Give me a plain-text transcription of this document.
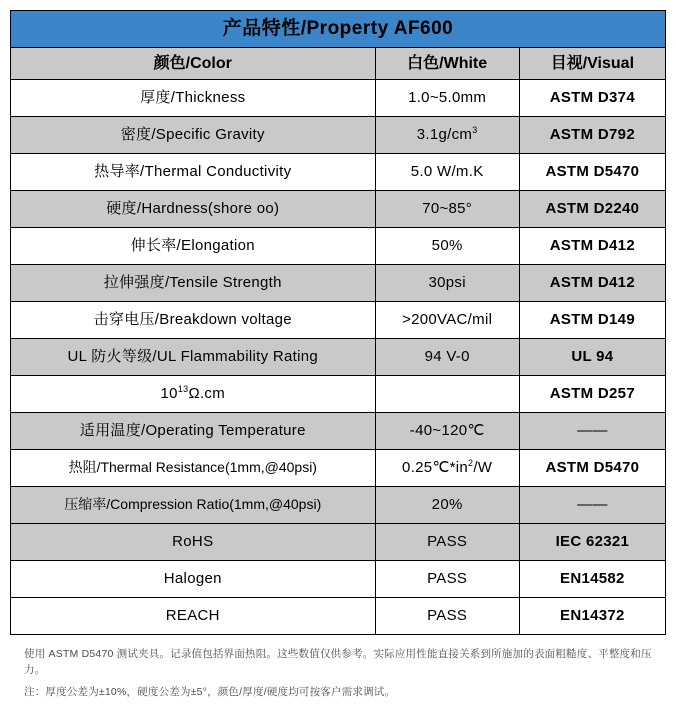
产品特性/Property AF600		
颜色/Color	白色/White	目视/Visual
厚度/Thickness	1.0~5.0mm	ASTM D374
密度/Specific Gravity	$3.1g/cm^3$	ASTM D792
热导率/Thermal Conductivity	5.0 W/m.K	ASTM D5470
硬度/Hardness(shore oo)	70~85°	ASTM D2240
伸长率/Elongation	50%	ASTM D412
拉伸强度/Tensile Strength	30psi	ASTM D412
击穿电压/Breakdown voltage	>200VAC/mil	ASTM D149
UL 防火等级/UL Flammability Rating	94 V-0	UL 94
$10^{13}\Omega.cm$		ASTM D257
适用温度/Operating Temperature	-40~120℃	——
热阻/Thermal Resistance(1mm,@40psi)	$0.25℃*in^2/W$	ASTM D5470
压缩率/Compression Ratio(1mm,@40psi)	20%	——
RoHS	PASS	IEC 62321
Halogen	PASS	EN14582
REACH	PASS	EN14372
使用 ASTM D5470 测试夹具。记录值包括界面热阻。这些数值仅供参考。实际应用性能直接关系到所施加的表面粗糙度、平整度和压力。
注：厚度公差为±10%，硬度公差为±5°，颜色/厚度/硬度均可按客户需求调试。
